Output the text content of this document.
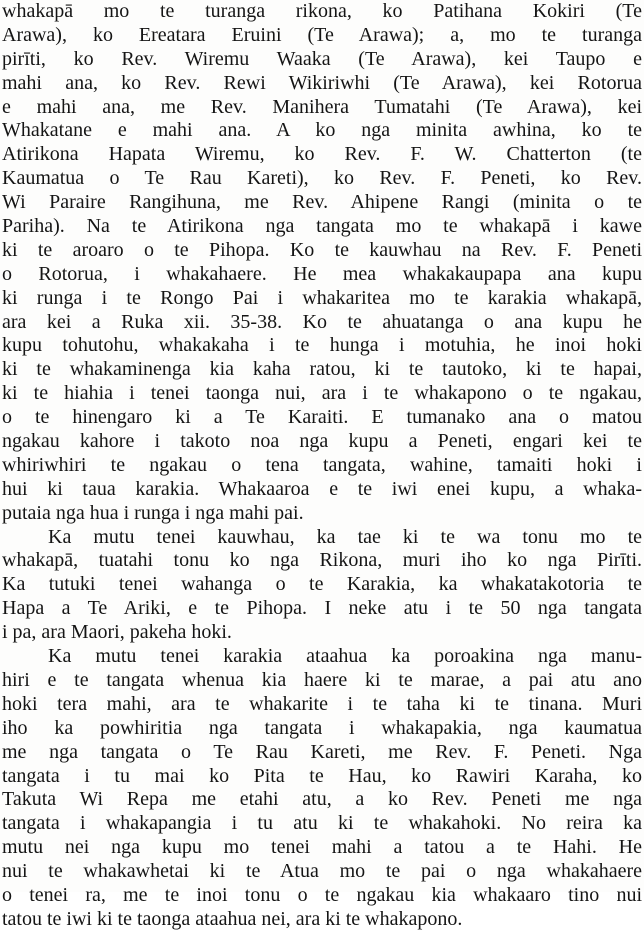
whakapā mo te turanga rikona, ko Patihana Kokiri (Te
Arawa), ko Ereatara Eruini (Te Arawa); a, mo te turanga
pirīti, ko Rev. Wiremu Waaka (Te Arawa), kei Taupo e
mahi ana, ko Rev. Rewi Wikiriwhi (Te Arawa), kei Rotorua
e mahi ana, me Rev. Manihera Tumatahi (Te Arawa), kei
Whakatane e mahi ana. A ko nga minita awhina, ko te
Atirikona Hapata Wiremu, ko Rev. F. W. Chatterton (te
Kaumatua o Te Rau Kareti), ko Rev. F. Peneti, ko Rev.
Wi Paraire Rangihuna, me Rev. Ahipene Rangi (minita o te
Pariha). Na te Atirikona nga tangata mo te whakapā i kawe
ki te aroaro o te Pihopa. Ko te kauwhau na Rev. F. Peneti
o Rotorua, i whakahaere. He mea whakakaupapa ana kupu
ki runga i te Rongo Pai i whakaritea mo te karakia whakapā,
ara kei a Ruka xii. 35-38. Ko te ahuatanga o ana kupu he
kupu tohutohu, whakakaha i te hunga i motuhia, he inoi hoki
ki te whakaminenga kia kaha ratou, ki te tautoko, ki te hapai,
ki te hiahia i tenei taonga nui, ara i te whakapono o te ngakau,
o te hinengaro ki a Te Karaiti. E tumanako ana o matou
ngakau kahore i takoto noa nga kupu a Peneti, engari kei te
whiriwhiri te ngakau o tena tangata, wahine, tamaiti hoki i
hui ki taua karakia. Whakaaroa e te iwi enei kupu, a whaka-
putaia nga hua i runga i nga mahi pai.
Ka mutu tenei kauwhau, ka tae ki te wa tonu mo te
whakapā, tuatahi tonu ko nga Rikona, muri iho ko nga Pirīti.
Ka tutuki tenei wahanga o te Karakia, ka whakatakotoria te
Hapa a Te Ariki, e te Pihopa. I neke atu i te 50 nga tangata
i pa, ara Maori, pakeha hoki.
Ka mutu tenei karakia ataahua ka poroakina nga manu-
hiri e te tangata whenua kia haere ki te marae, a pai atu ano
hoki tera mahi, ara te whakarite i te taha ki te tinana. Muri
iho ka powhiritia nga tangata i whakapakia, nga kaumatua
me nga tangata o Te Rau Kareti, me Rev. F. Peneti. Nga
tangata i tu mai ko Pita te Hau, ko Rawiri Karaha, ko
Takuta Wi Repa me etahi atu, a ko Rev. Peneti me nga
tangata i whakapangia i tu atu ki te whakahoki. No reira ka
mutu nei nga kupu mo tenei mahi a tatou a te Hahi. He
nui te whakawhetai ki te Atua mo te pai o nga whakahaere
o tenei ra, me te inoi tonu o te ngakau kia whakaaro tino nui
tatou te iwi ki te taonga ataahua nei, ara ki te whakapono.
